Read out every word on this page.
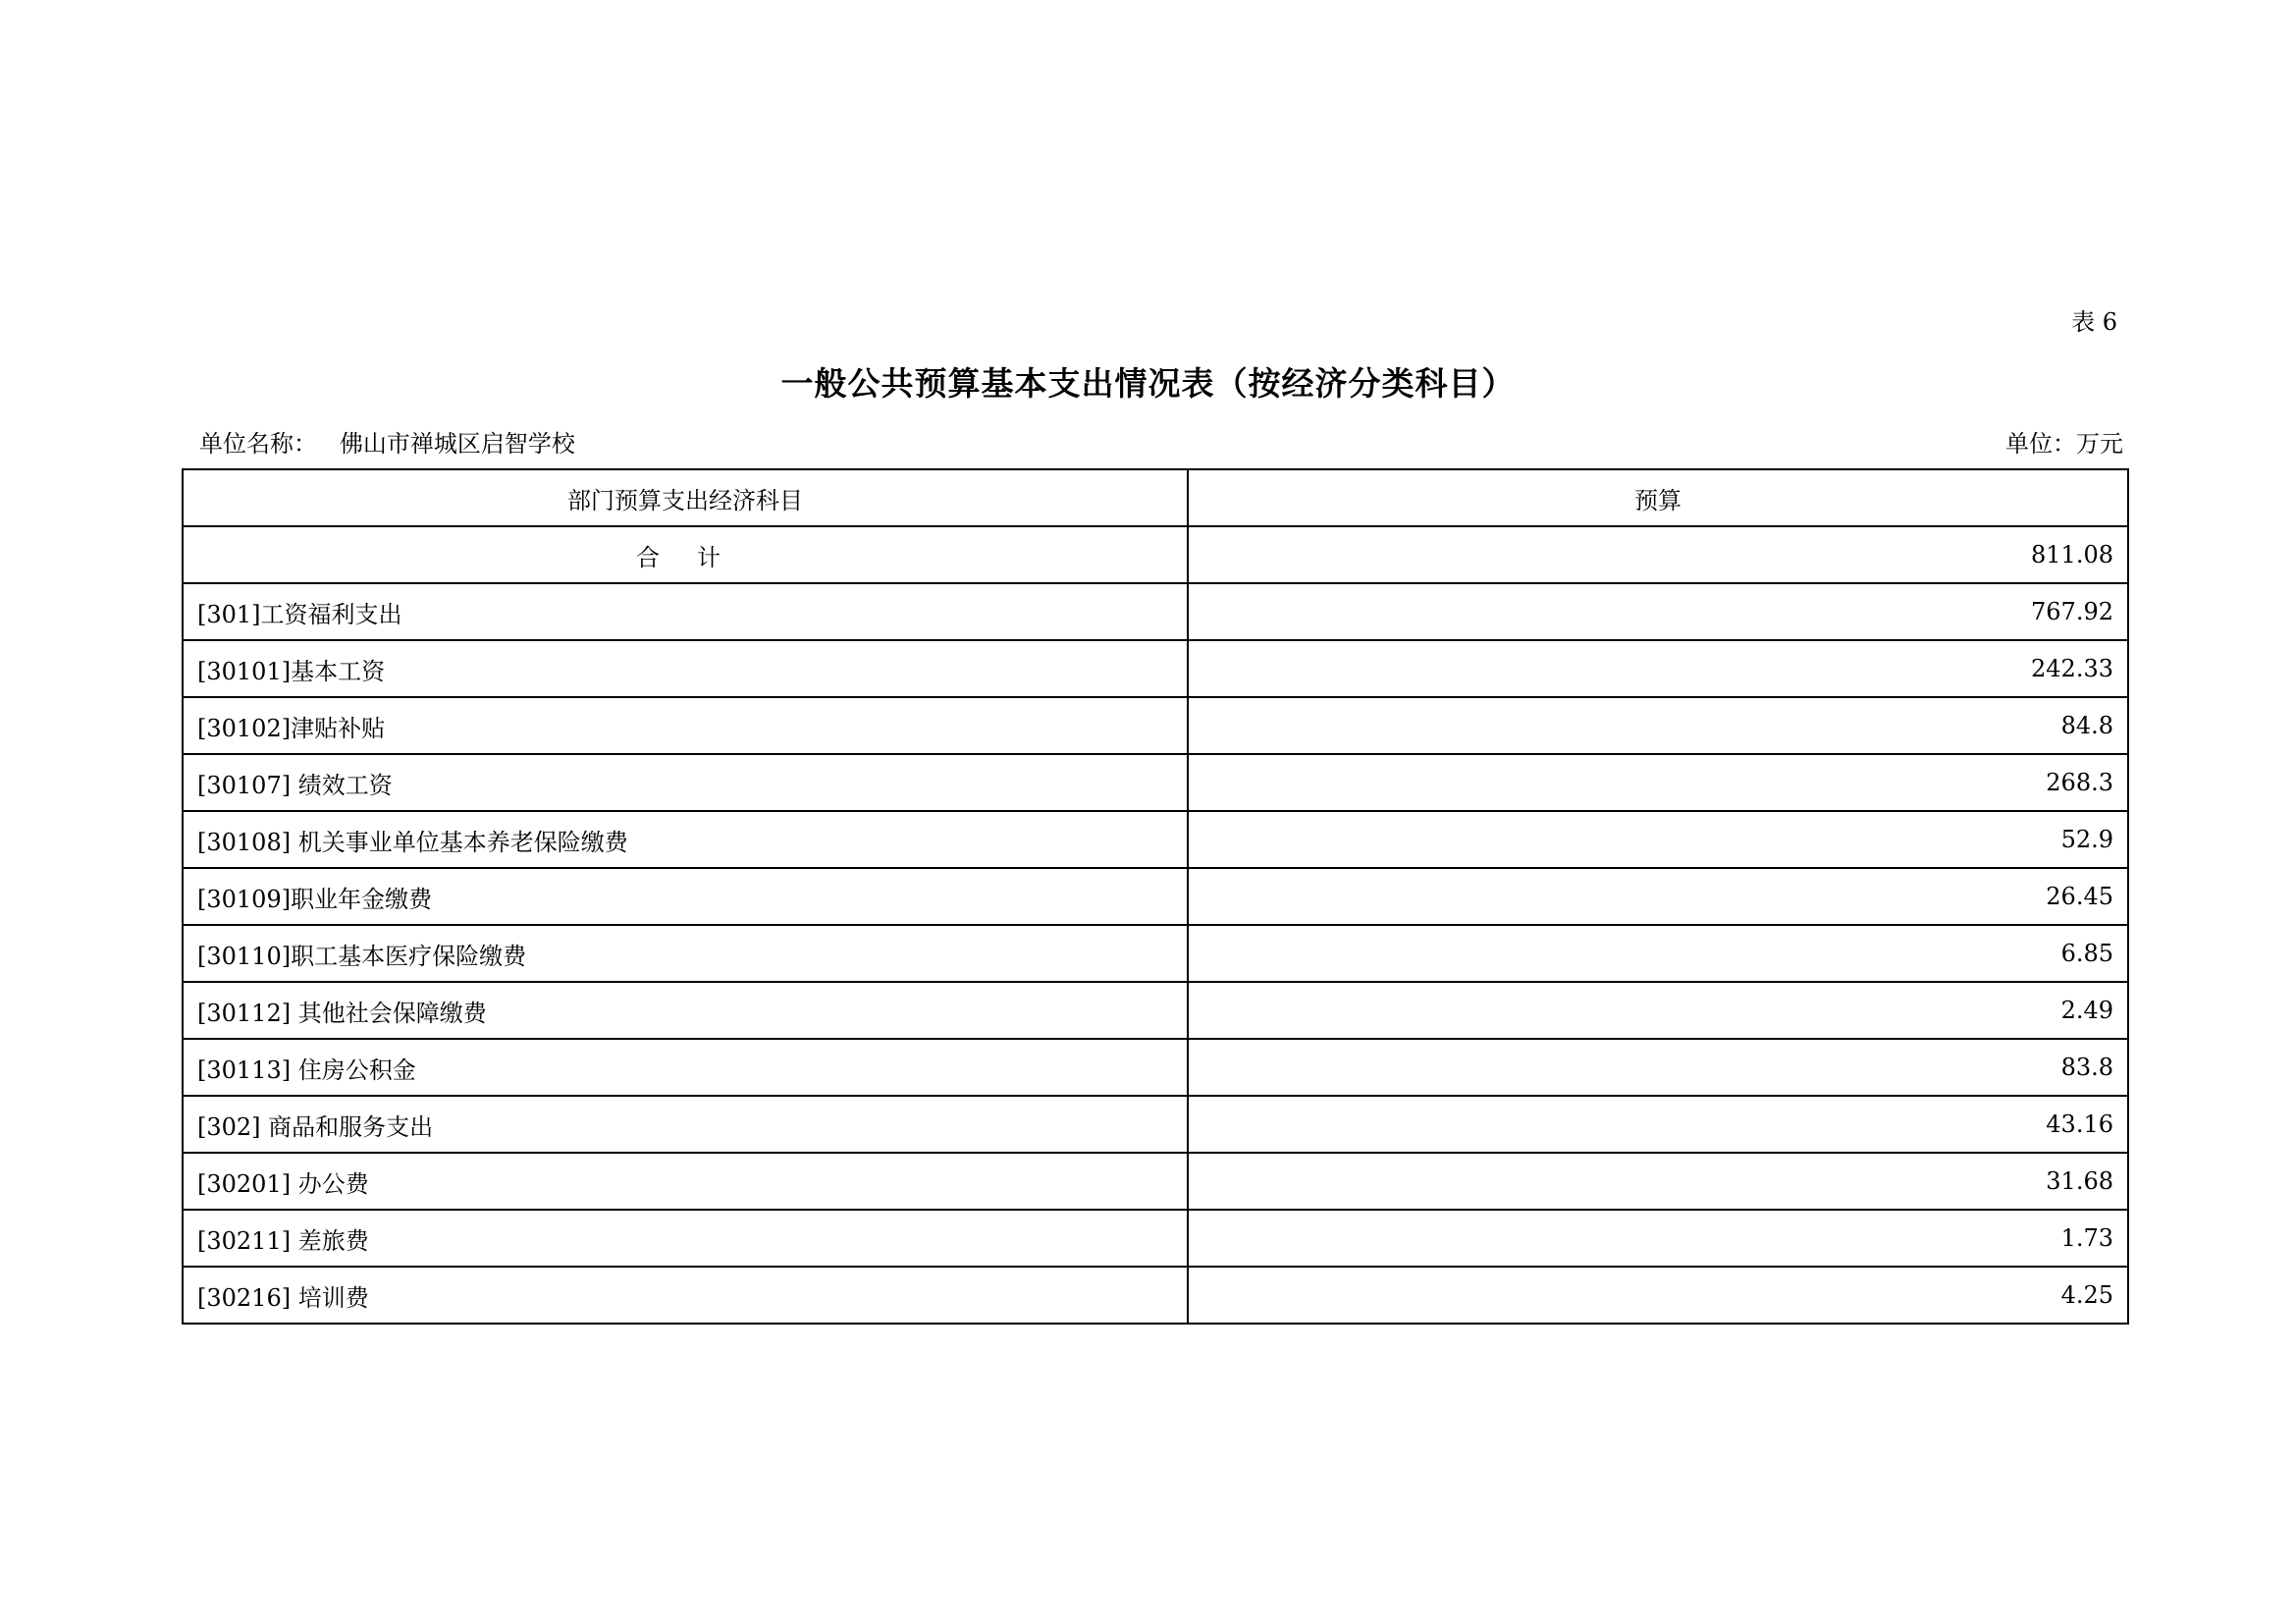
表 6
一般公共预算基本支出情况表（按经济分类科目）
单位名称： 佛山市禅城区启智学校	单位：万元
部门预算支出经济科目	预算
合计	811.08
[301]工资福利支出	767.92
[30101]基本工资	242.33
[30102]津贴补贴	84.8
[30107] 绩效工资	268.3
[30108] 机关事业单位基本养老保险缴费	52.9
[30109]职业年金缴费	26.45
[30110]职工基本医疗保险缴费	6.85
[30112] 其他社会保障缴费	2.49
[30113] 住房公积金	83.8
[302] 商品和服务支出	43.16
[30201] 办公费	31.68
[30211] 差旅费	1.73
[30216] 培训费	4.25
